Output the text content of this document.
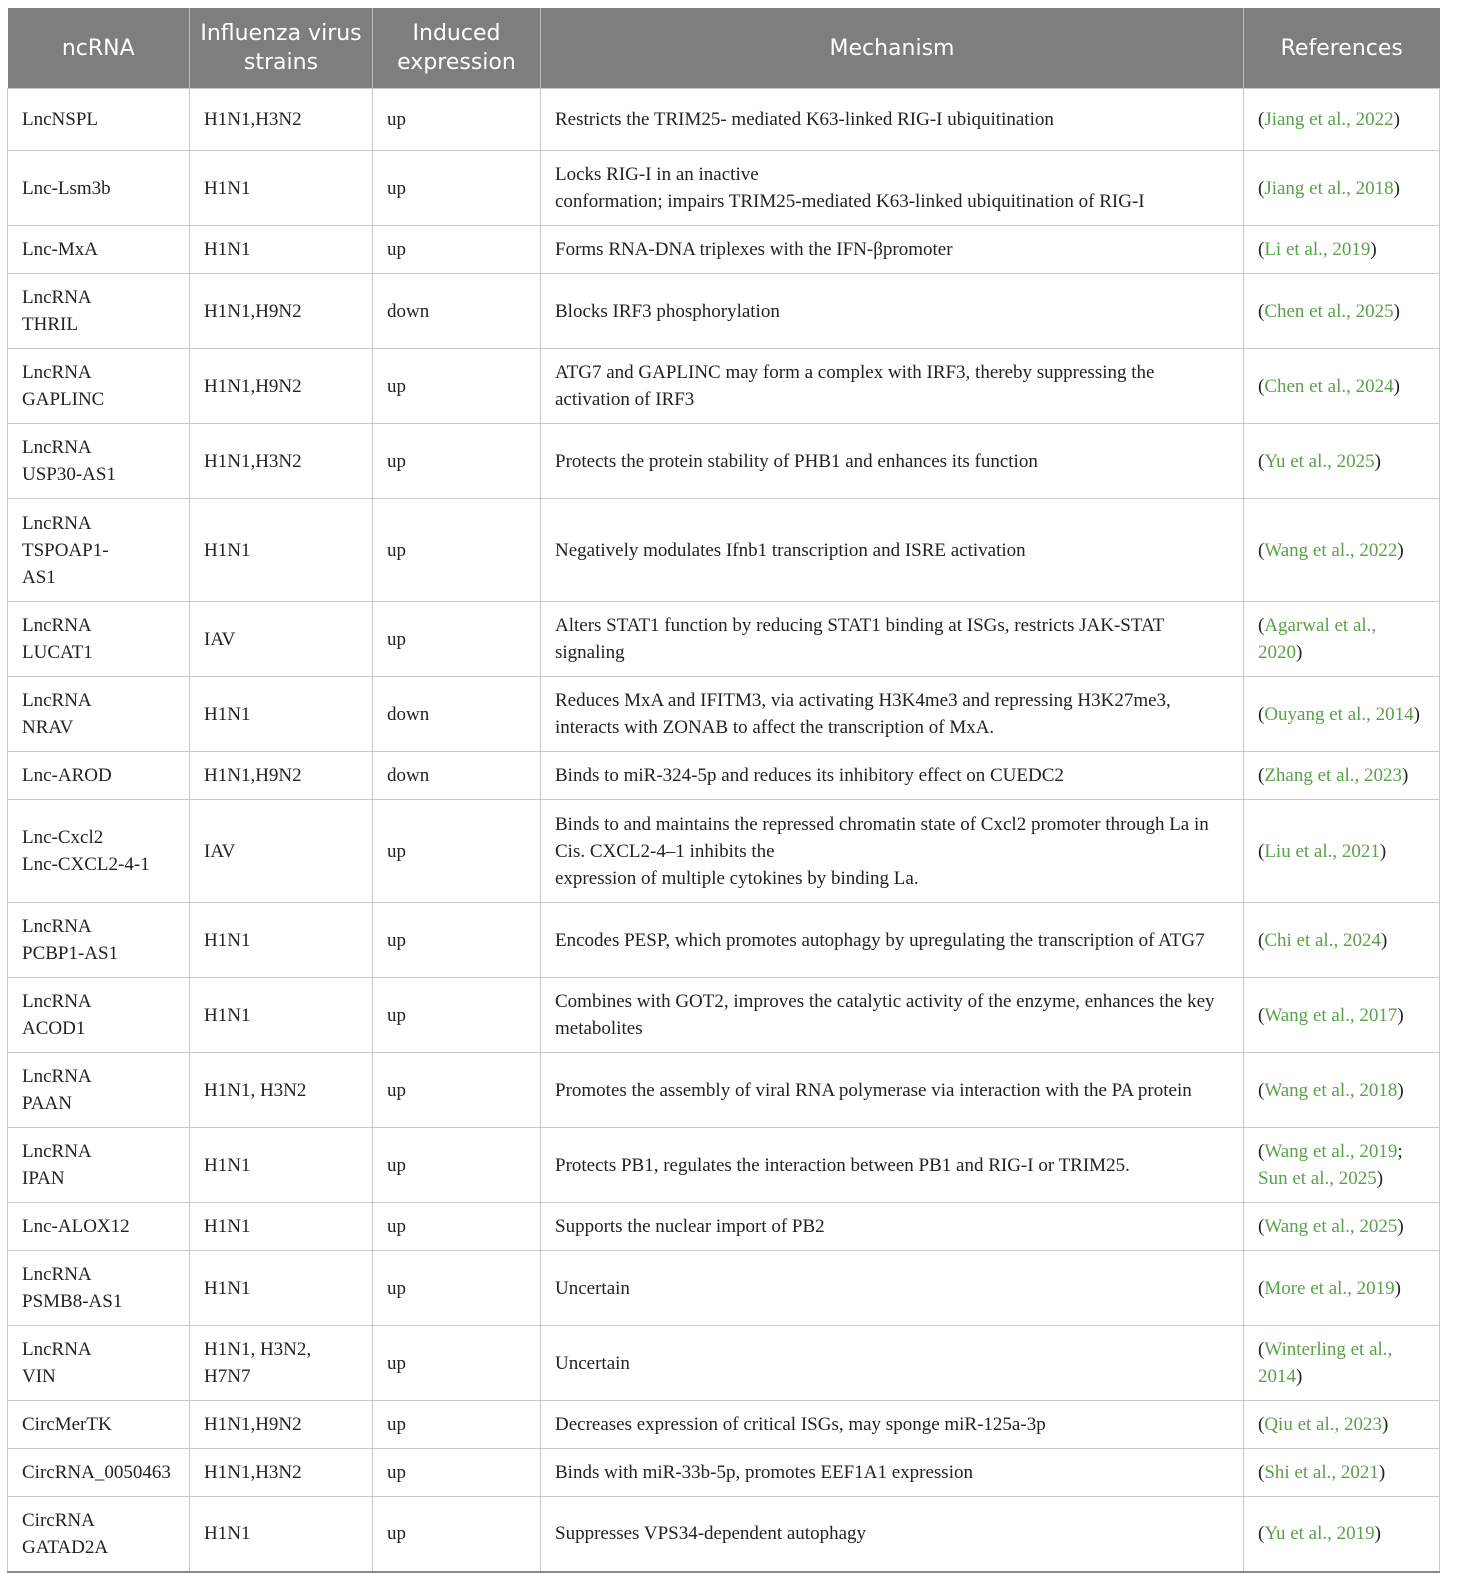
ncRNA	Influenza virus strains	Induced expression	Mechanism	References

LncNSPL	H1N1,H3N2	up	Restricts the TRIM25- mediated K63-linked RIG-I ubiquitination	(Jiang et al., 2022)

Lnc-Lsm3b	H1N1	up	Locks RIG-I in an inactive
conformation; impairs TRIM25-mediated K63-linked ubiquitination of RIG-I	(Jiang et al., 2018)

Lnc-MxA	H1N1	up	Forms RNA-DNA triplexes with the IFN-βpromoter	(Li et al., 2019)

LncRNA
THRIL	H1N1,H9N2	down	Blocks IRF3 phosphorylation	(Chen et al., 2025)

LncRNA
GAPLINC	H1N1,H9N2	up	ATG7 and GAPLINC may form a complex with IRF3, thereby suppressing the activation of IRF3	(Chen et al., 2024)

LncRNA
USP30-AS1	H1N1,H3N2	up	Protects the protein stability of PHB1 and enhances its function	(Yu et al., 2025)

LncRNA
TSPOAP1-
AS1	H1N1	up	Negatively modulates Ifnb1 transcription and ISRE activation	(Wang et al., 2022)

LncRNA
LUCAT1	IAV	up	Alters STAT1 function by reducing STAT1 binding at ISGs, restricts JAK-STAT signaling	(Agarwal et al., 2020)

LncRNA
NRAV	H1N1	down	Reduces MxA and IFITM3, via activating H3K4me3 and repressing H3K27me3, interacts with ZONAB to affect the transcription of MxA.	(Ouyang et al., 2014)

Lnc-AROD	H1N1,H9N2	down	Binds to miR-324-5p and reduces its inhibitory effect on CUEDC2	(Zhang et al., 2023)

Lnc-Cxcl2
Lnc-CXCL2-4-1	IAV	up	Binds to and maintains the repressed chromatin state of Cxcl2 promoter through La in Cis. CXCL2-4–1 inhibits the
expression of multiple cytokines by binding La.	(Liu et al., 2021)

LncRNA
PCBP1-AS1	H1N1	up	Encodes PESP, which promotes autophagy by upregulating the transcription of ATG7	(Chi et al., 2024)

LncRNA
ACOD1	H1N1	up	Combines with GOT2, improves the catalytic activity of the enzyme, enhances the key metabolites	(Wang et al., 2017)

LncRNA
PAAN	H1N1, H3N2	up	Promotes the assembly of viral RNA polymerase via interaction with the PA protein	(Wang et al., 2018)

LncRNA
IPAN	H1N1	up	Protects PB1, regulates the interaction between PB1 and RIG-I or TRIM25.	(Wang et al., 2019;
Sun et al., 2025)

Lnc-ALOX12	H1N1	up	Supports the nuclear import of PB2	(Wang et al., 2025)

LncRNA
PSMB8-AS1	H1N1	up	Uncertain	(More et al., 2019)

LncRNA
VIN	H1N1, H3N2, H7N7	up	Uncertain	(Winterling et al., 2014)

CircMerTK	H1N1,H9N2	up	Decreases expression of critical ISGs, may sponge miR-125a-3p	(Qiu et al., 2023)

CircRNA_0050463	H1N1,H3N2	up	Binds with miR-33b-5p, promotes EEF1A1 expression	(Shi et al., 2021)

CircRNA
GATAD2A	H1N1	up	Suppresses VPS34-dependent autophagy	(Yu et al., 2019)
